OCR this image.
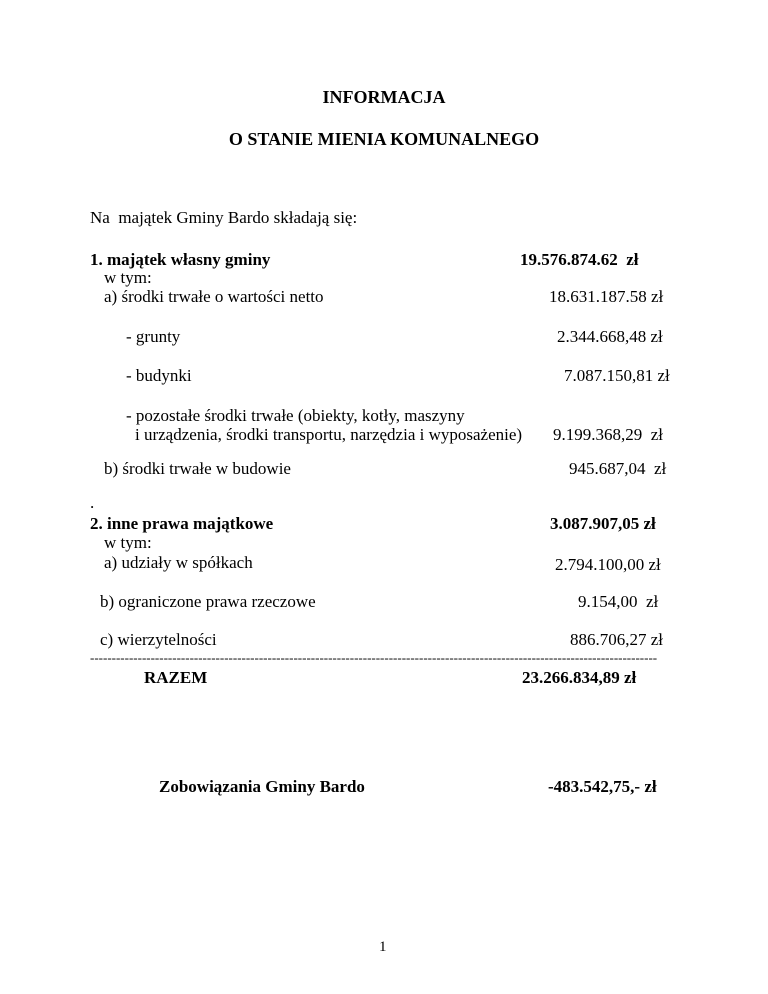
INFORMACJA
O STANIE MIENIA KOMUNALNEGO
Na  majątek Gminy Bardo składają się:
1. majątek własny gminy	19.576.874.62  zł
w tym:
a) środki trwałe o wartości netto	18.631.187.58 zł
- grunty	2.344.668,48 zł
- budynki	7.087.150,81 zł
- pozostałe środki trwałe (obiekty, kotły, maszyny
i urządzenia, środki transportu, narzędzia i wyposażenie) 9.199.368,29  zł
b) środki trwałe w budowie	945.687,04  zł
.
2. inne prawa majątkowe	3.087.907,05 zł
w tym:
a) udziały w spółkach	2.794.100,00 zł
b) ograniczone prawa rzeczowe	9.154,00  zł
c) wierzytelności	886.706,27 zł
-----------------------------------------------------------------------------------------------------------------------------------
RAZEM	23.266.834,89 zł
Zobowiązania Gminy Bardo	-483.542,75,- zł
1
